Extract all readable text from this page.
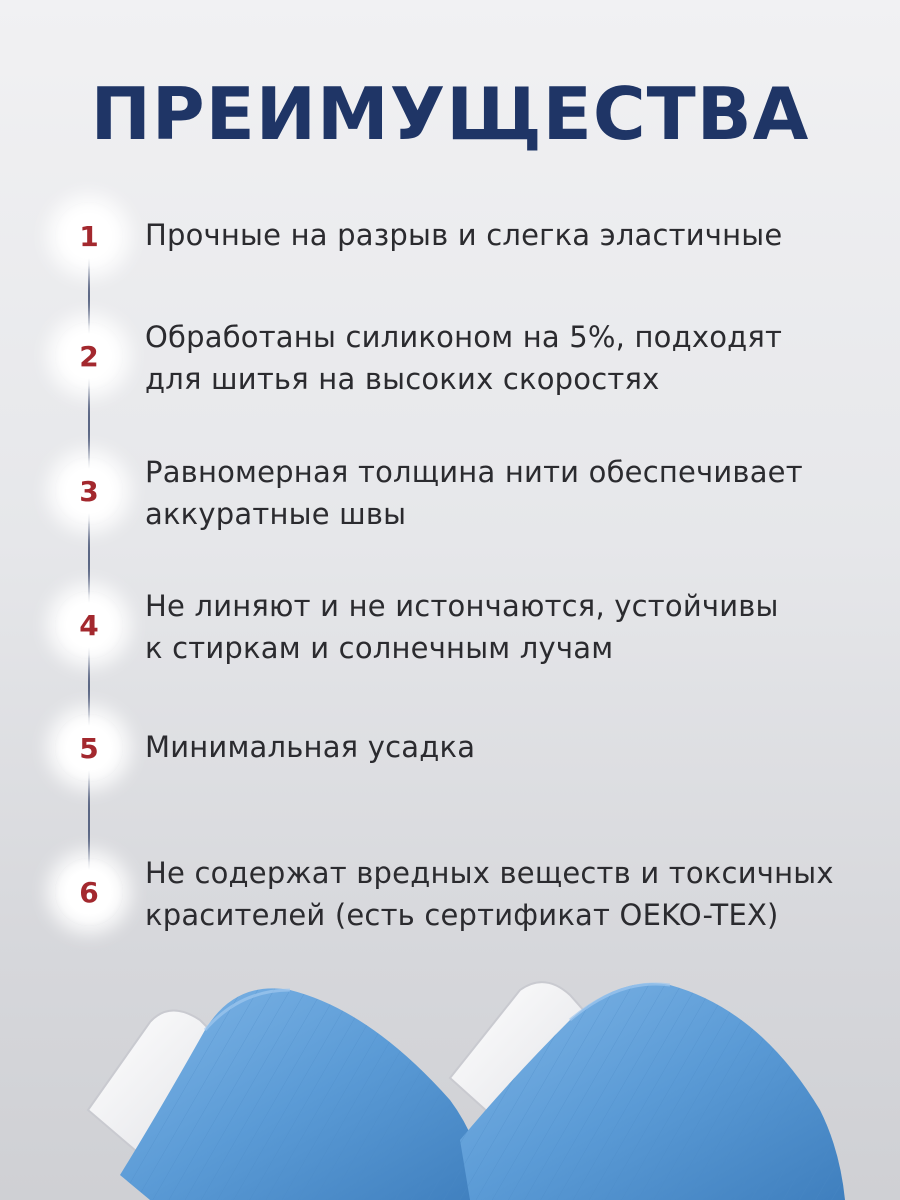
ПРЕИМУЩЕСТВА
1 Прочные на разрыв и слегка эластичные
2
Обработаны силиконом на 5%, подходят
для шитья на высоких скоростях
3
Равномерная толщина нити обеспечивает
аккуратные швы
4
Не линяют и не истончаются, устойчивы
к стиркам и солнечным лучам
5 Минимальная усадка
6
Не содержат вредных веществ и токсичных
красителей (есть сертификат OEKO-TEX)
